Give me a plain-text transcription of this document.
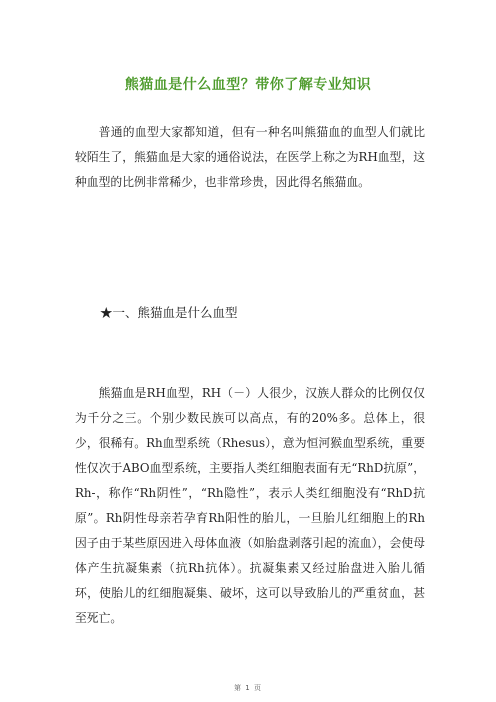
熊猫血是什么血型？带你了解专业知识

普通的血型大家都知道，但有一种名叫熊猫血的血型人们就比较陌生了，熊猫血是大家的通俗说法，在医学上称之为RH血型，这种血型的比例非常稀少，也非常珍贵，因此得名熊猫血。

★一、熊猫血是什么血型

熊猫血是RH血型，RH（－）人很少，汉族人群众的比例仅仅为千分之三。个别少数民族可以高点，有的20%多。总体上，很少，很稀有。Rh血型系统（Rhesus），意为恒河猴血型系统，重要性仅次于ABO血型系统，主要指人类红细胞表面有无“RhD抗原”，Rh-，称作“Rh阴性”，“Rh隐性”，表示人类红细胞没有“RhD抗原”。Rh阴性母亲若孕育Rh阳性的胎儿，一旦胎儿红细胞上的Rh因子由于某些原因进入母体血液（如胎盘剥落引起的流血），会使母体产生抗凝集素（抗Rh抗体）。抗凝集素又经过胎盘进入胎儿循环，使胎儿的红细胞凝集、破坏，这可以导致胎儿的严重贫血，甚至死亡。

第 1 页
